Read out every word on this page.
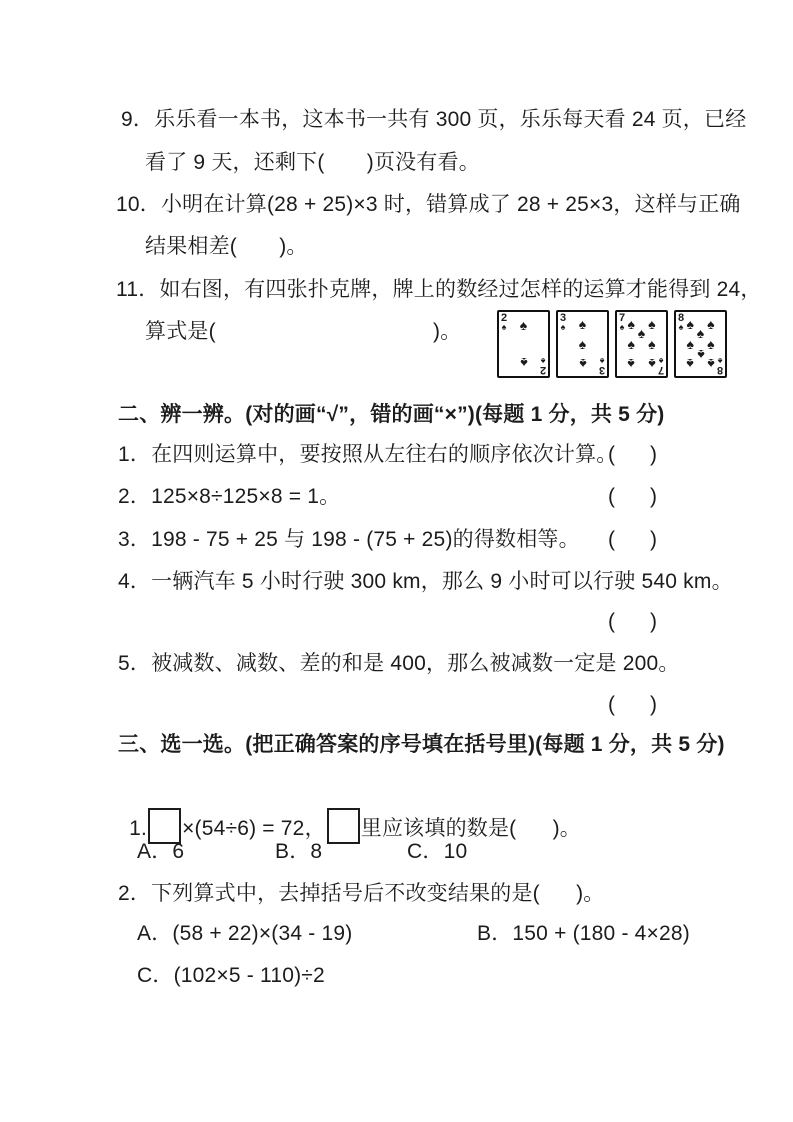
9．乐乐看一本书，这本书一共有 300 页，乐乐每天看 24 页，已经
看了 9 天，还剩下(       )页没有看。
10．小明在计算(28 + 25)×3 时，错算成了 28 + 25×3，这样与正确
结果相差(       )。
11．如右图，有四张扑克牌，牌上的数经过怎样的运算才能得到 24，
算式是(                                    )。
2
♠
2
♠
♠
♠
3
♠
3
♠
♠
♠
♠
7
♠
7
♠
♠ ♠
♠
♠ ♠
♠ ♠
8
♠
8
♠
♠ ♠
♠
♠ ♠
♠
♠ ♠
二、辨一辨。(对的画“√”，错的画“×”)(每题 1 分，共 5 分)
1．在四则运算中，要按照从左往右的顺序依次计算。
(      )
2．125×8÷125×8 = 1。	(      )
3．198 - 75 + 25 与 198 - (75 + 25)的得数相等。 (      )
4．一辆汽车 5 小时行驶 300 km，那么 9 小时可以行驶 540 km。
(      )
5．被减数、减数、差的和是 400，那么被减数一定是 200。
(      )
三、选一选。(把正确答案的序号填在括号里)(每题 1 分，共 5 分)

1. ×(54÷6) = 72， 里应该填的数是(      )。

A．6	B．8	C．10
2．下列算式中，去掉括号后不改变结果的是(      )。
A．(58 + 22)×(34 - 19)	B．150 + (180 - 4×28)
C．(102×5 - 110)÷2
